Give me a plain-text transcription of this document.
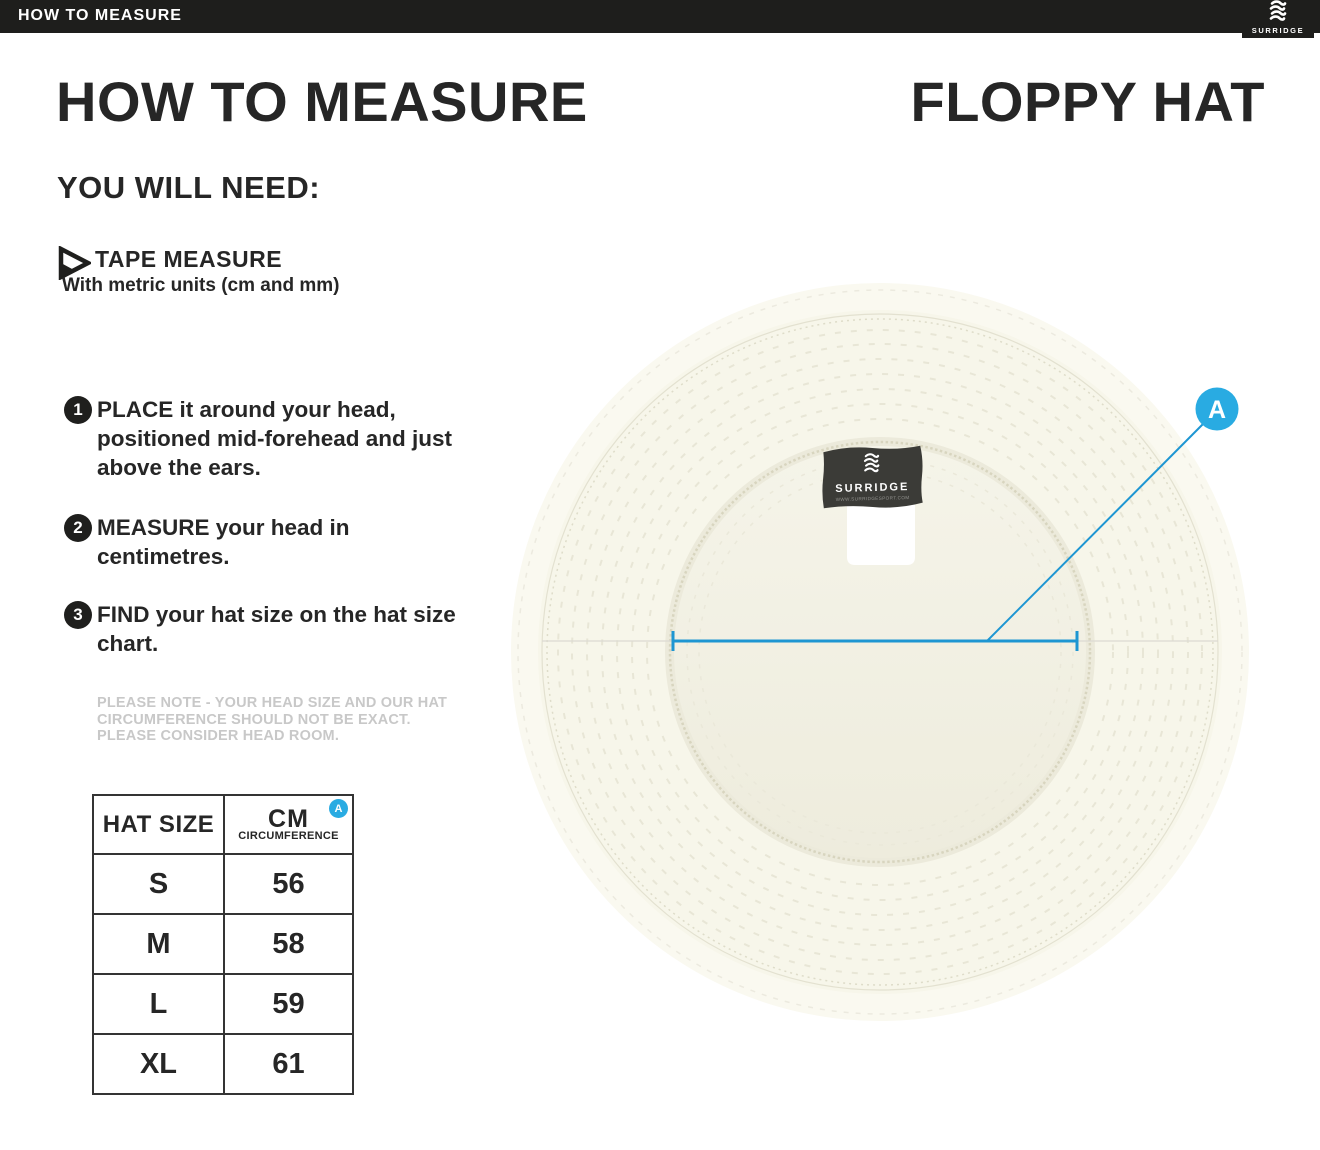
HOW TO MEASURE
SURRIDGE
HOW TO MEASURE	FLOPPY HAT
YOU WILL NEED:
TAPE MEASURE
With metric units (cm and mm)
1 PLACE it around your head, positioned mid-forehead and just above the ears.
2 MEASURE your head in centimetres.
3 FIND your hat size on the hat size chart.
PLEASE NOTE - YOUR HEAD SIZE AND OUR HAT CIRCUMFERENCE SHOULD NOT BE EXACT. PLEASE CONSIDER HEAD ROOM.
HAT SIZE	CM
CIRCUMFERENCE
A

S	56
M	58
L	59
XL	61
SURRIDGE
WWW.SURRIDGESPORT.COM
A
